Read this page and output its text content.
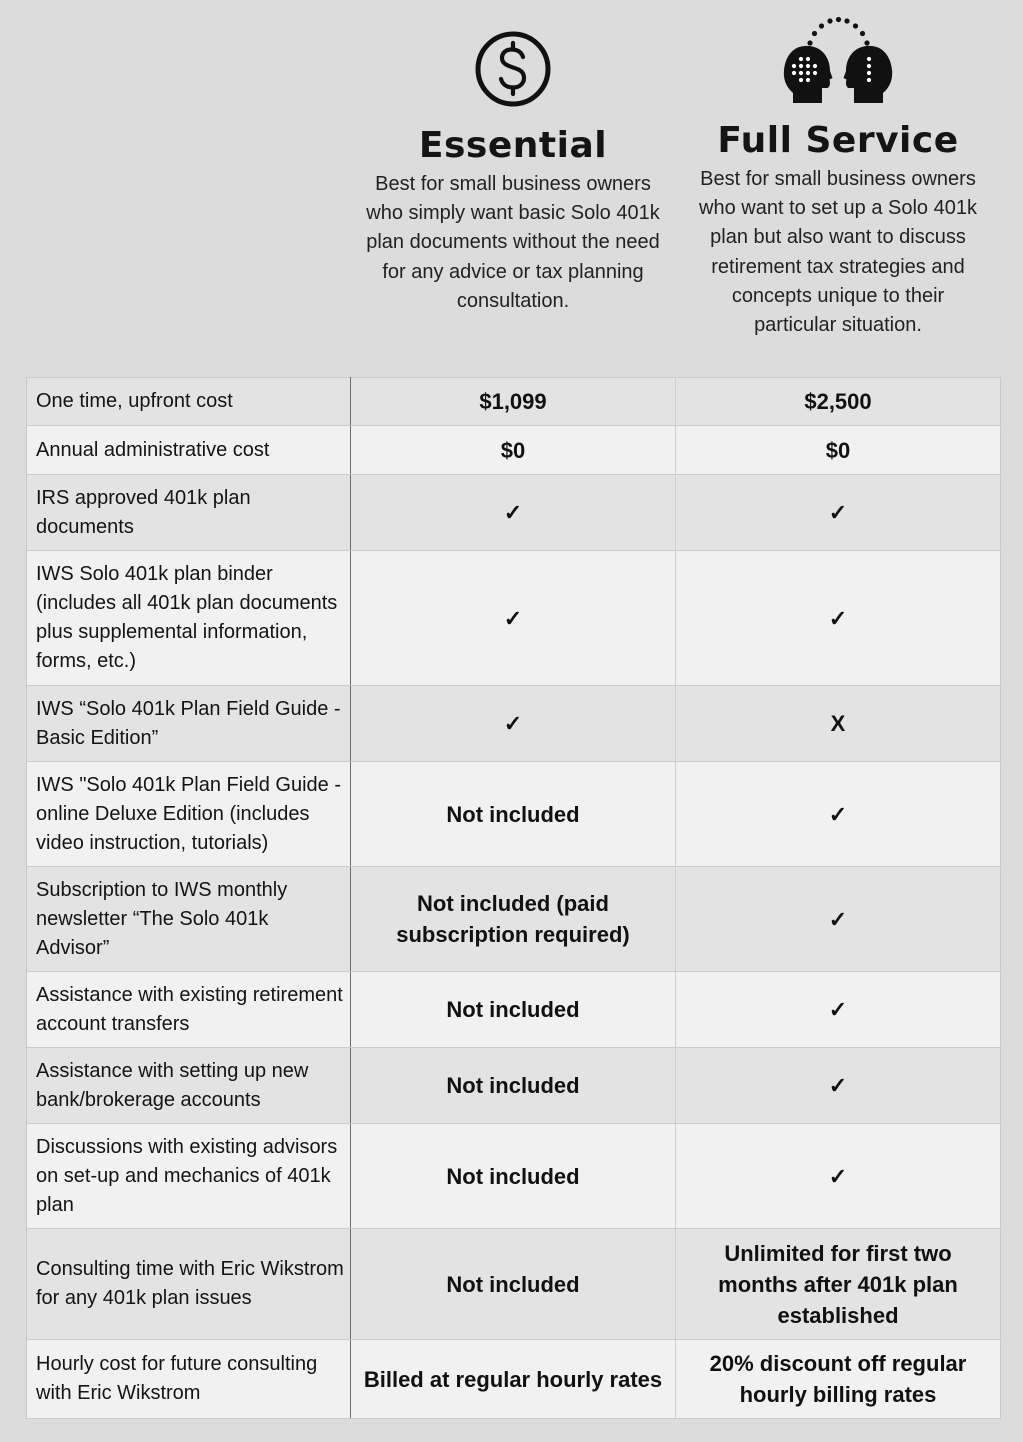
Essential
Best for small business owners who simply want basic Solo 401k plan documents without the need for any advice or tax planning consultation.
Full Service
Best for small business owners who want to set up a Solo 401k plan but also want to discuss retirement tax strategies and concepts unique to their particular situation.
One time, upfront cost	$1,099	$2,500
Annual administrative cost	$0	$0
IRS approved 401k plan documents	✓	✓
IWS Solo 401k plan binder (includes all 401k plan documents plus supplemental information, forms, etc.)	✓	✓
IWS “Solo 401k Plan Field Guide - Basic Edition”	✓	X
IWS "Solo 401k Plan Field Guide - online Deluxe Edition (includes video instruction, tutorials)	Not included	✓
Subscription to IWS monthly newsletter “The Solo 401k Advisor”	Not included (paid subscription required)	✓
Assistance with existing retirement account transfers	Not included	✓
Assistance with setting up new bank/brokerage accounts	Not included	✓
Discussions with existing advisors on set-up and mechanics of 401k plan	Not included	✓
Consulting time with Eric Wikstrom for any 401k plan issues	Not included	Unlimited for first two months after 401k plan established
Hourly cost for future consulting with Eric Wikstrom	Billed at regular hourly rates	20% discount off regular hourly billing rates
